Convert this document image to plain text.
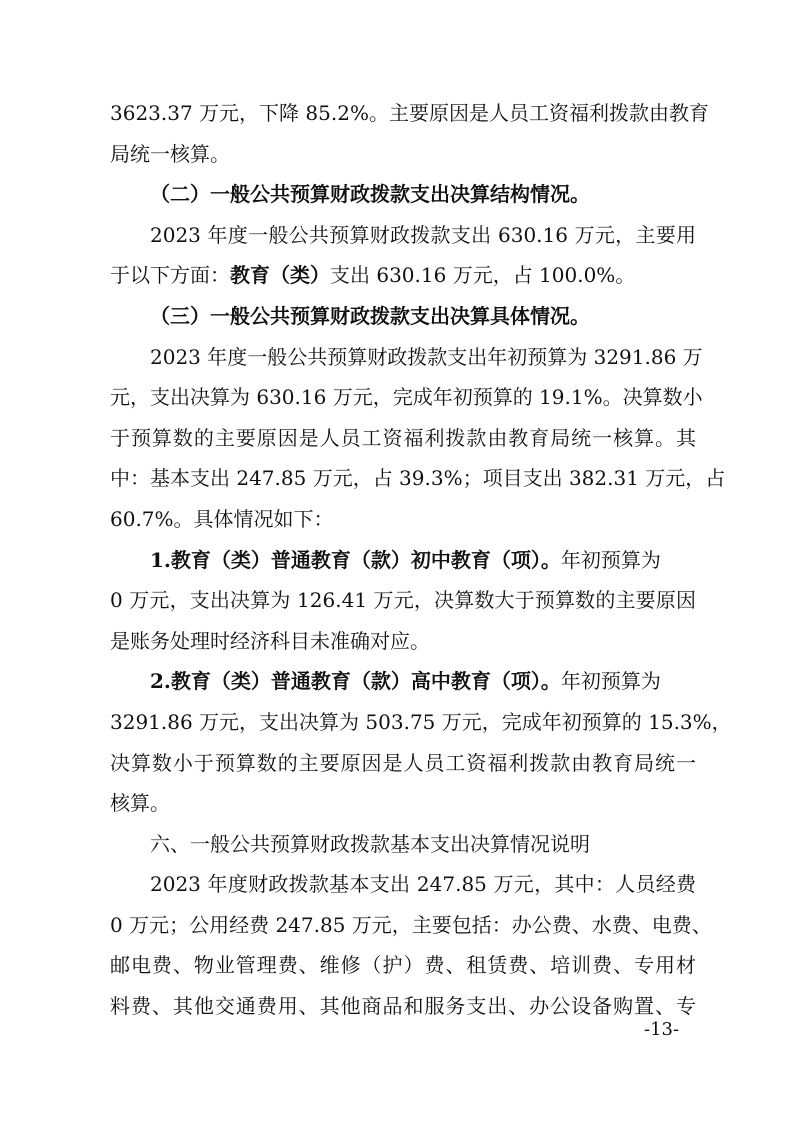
3623.37 万元，下降 85.2%。主要原因是人员工资福利拨款由教育
局统一核算。
（二）一般公共预算财政拨款支出决算结构情况。
2023 年度一般公共预算财政拨款支出 630.16 万元，主要用
于以下方面：教育（类）支出 630.16 万元，占 100.0%。
（三）一般公共预算财政拨款支出决算具体情况。
2023 年度一般公共预算财政拨款支出年初预算为 3291.86 万
元，支出决算为 630.16 万元，完成年初预算的 19.1%。决算数小
于预算数的主要原因是人员工资福利拨款由教育局统一核算。其
中：基本支出 247.85 万元，占 39.3%；项目支出 382.31 万元，占
60.7%。具体情况如下：
1.教育（类）普通教育（款）初中教育（项）。年初预算为
0 万元，支出决算为 126.41 万元，决算数大于预算数的主要原因
是账务处理时经济科目未准确对应。
2.教育（类）普通教育（款）高中教育（项）。年初预算为
3291.86 万元，支出决算为 503.75 万元，完成年初预算的 15.3%，
决算数小于预算数的主要原因是人员工资福利拨款由教育局统一
核算。
六、一般公共预算财政拨款基本支出决算情况说明
2023 年度财政拨款基本支出 247.85 万元，其中：人员经费
0 万元；公用经费 247.85 万元，主要包括：办公费、水费、电费、
邮电费、物业管理费、维修（护）费、租赁费、培训费、专用材
料费、其他交通费用、其他商品和服务支出、办公设备购置、专
-13-
